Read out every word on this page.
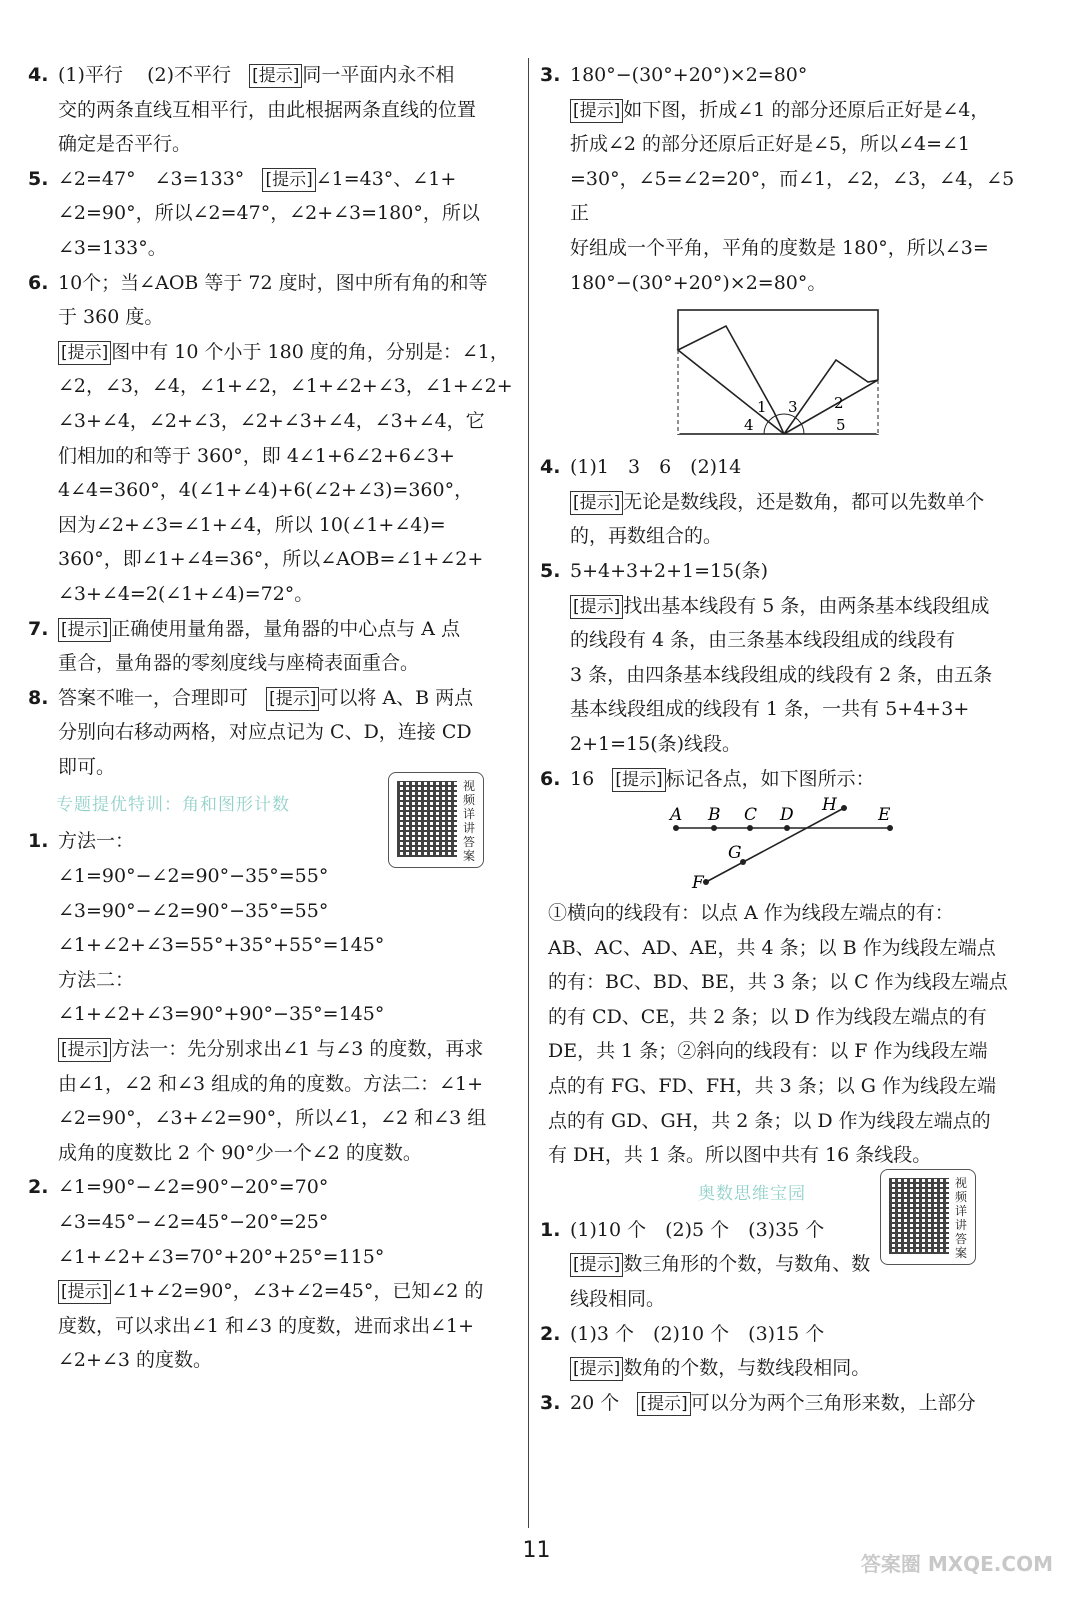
4. (1)平行 (2)不平行 [提示] 同一平面内永不相
交的两条直线互相平行，由此根据两条直线的位置
确定是否平行。
5. ∠2=47°　∠3=133° [提示] ∠1=43°、∠1+
∠2=90°，所以∠2=47°，∠2+∠3=180°，所以
∠3=133°。
6. 10个；当∠AOB 等于 72 度时，图中所有角的和等
于 360 度。
[提示] 图中有 10 个小于 180 度的角，分别是：∠1，
∠2，∠3，∠4，∠1+∠2，∠1+∠2+∠3，∠1+∠2+
∠3+∠4，∠2+∠3，∠2+∠3+∠4，∠3+∠4，它
们相加的和等于 360°，即 4∠1+6∠2+6∠3+
4∠4=360°，4(∠1+∠4)+6(∠2+∠3)=360°，
因为∠2+∠3=∠1+∠4，所以 10(∠1+∠4)=
360°，即∠1+∠4=36°，所以∠AOB=∠1+∠2+
∠3+∠4=2(∠1+∠4)=72°。
7. [提示] 正确使用量角器，量角器的中心点与 A 点
重合，量角器的零刻度线与座椅表面重合。
8. 答案不唯一，合理即可 [提示] 可以将 A、B 两点
分别向右移动两格，对应点记为 C、D，连接 CD
即可。
专题提优特训：角和图形计数
视频详讲答案
1. 方法一：
∠1=90°−∠2=90°−35°=55°
∠3=90°−∠2=90°−35°=55°
∠1+∠2+∠3=55°+35°+55°=145°
方法二：
∠1+∠2+∠3=90°+90°−35°=145°
[提示] 方法一：先分别求出∠1 与∠3 的度数，再求
由∠1，∠2 和∠3 组成的角的度数。方法二：∠1+
∠2=90°，∠3+∠2=90°，所以∠1，∠2 和∠3 组
成角的度数比 2 个 90°少一个∠2 的度数。
2. ∠1=90°−∠2=90°−20°=70°
∠3=45°−∠2=45°−20°=25°
∠1+∠2+∠3=70°+20°+25°=115°
[提示] ∠1+∠2=90°，∠3+∠2=45°，已知∠2 的
度数，可以求出∠1 和∠3 的度数，进而求出∠1+
∠2+∠3 的度数。
3. 180°−(30°+20°)×2=80°
[提示] 如下图，折成∠1 的部分还原后正好是∠4，
折成∠2 的部分还原后正好是∠5，所以∠4=∠1
=30°，∠5=∠2=20°，而∠1，∠2，∠3，∠4，∠5 正
好组成一个平角，平角的度数是 180°，所以∠3=
180°−(30°+20°)×2=80°。
1	2
3
4	5
4. (1)1　3　6　(2)14
[提示] 无论是数线段，还是数角，都可以先数单个
的，再数组合的。
5. 5+4+3+2+1=15(条)
[提示] 找出基本线段有 5 条，由两条基本线段组成
的线段有 4 条，由三条基本线段组成的线段有
3 条，由四条基本线段组成的线段有 2 条，由五条
基本线段组成的线段有 1 条，一共有 5+4+3+
2+1=15(条)线段。
6. 16 [提示] 标记各点，如下图所示：
A B C D	E
F
G
H
①横向的线段有：以点 A 作为线段左端点的有：
AB、AC、AD、AE，共 4 条；以 B 作为线段左端点
的有：BC、BD、BE，共 3 条；以 C 作为线段左端点
的有 CD、CE，共 2 条；以 D 作为线段左端点的有
DE，共 1 条；②斜向的线段有：以 F 作为线段左端
点的有 FG、FD、FH，共 3 条；以 G 作为线段左端
点的有 GD、GH，共 2 条；以 D 作为线段左端点的
有 DH，共 1 条。所以图中共有 16 条线段。
奥数思维宝园
视频详讲答案
1. (1)10 个　(2)5 个　(3)35 个
[提示] 数三角形的个数，与数角、数
线段相同。
2. (1)3 个　(2)10 个　(3)15 个
[提示] 数角的个数，与数线段相同。
3. 20 个 [提示] 可以分为两个三角形来数，上部分
11
答案圈 MXQE.COM
